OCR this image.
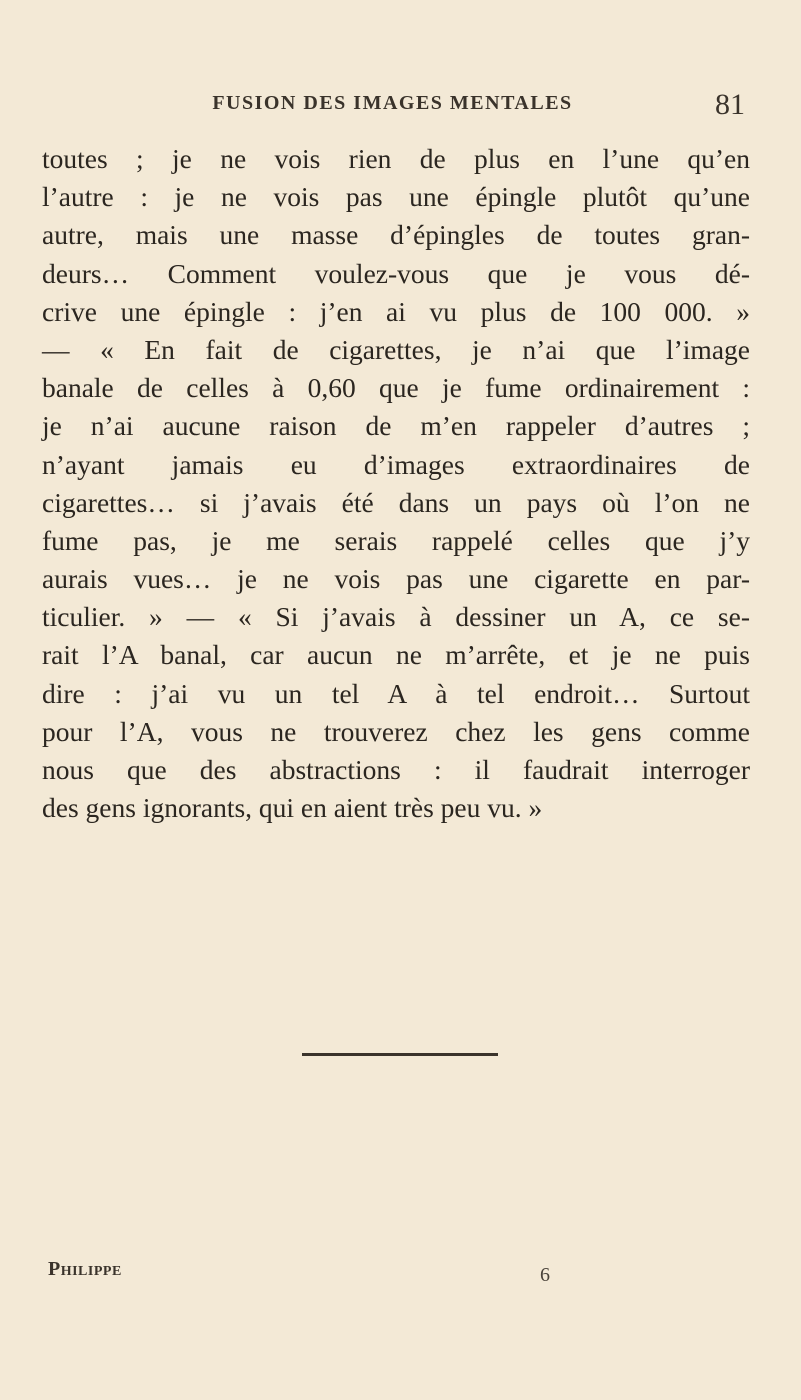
FUSION DES IMAGES MENTALES	81
toutes ; je ne vois rien de plus en l’une qu’en
l’autre : je ne vois pas une épingle plutôt qu’une
autre, mais une masse d’épingles de toutes gran-
deurs… Comment voulez-vous que je vous dé-
crive une épingle : j’en ai vu plus de 100 000. »
— « En fait de cigarettes, je n’ai que l’image
banale de celles à 0,60 que je fume ordinairement :
je n’ai aucune raison de m’en rappeler d’autres ;
n’ayant jamais eu d’images extraordinaires de
cigarettes… si j’avais été dans un pays où l’on ne
fume pas, je me serais rappelé celles que j’y
aurais vues… je ne vois pas une cigarette en par-
ticulier. » — « Si j’avais à dessiner un A, ce se-
rait l’A banal, car aucun ne m’arrête, et je ne puis
dire : j’ai vu un tel A à tel endroit… Surtout
pour l’A, vous ne trouverez chez les gens comme
nous que des abstractions : il faudrait interroger
des gens ignorants, qui en aient très peu vu. »
Philippe	6
